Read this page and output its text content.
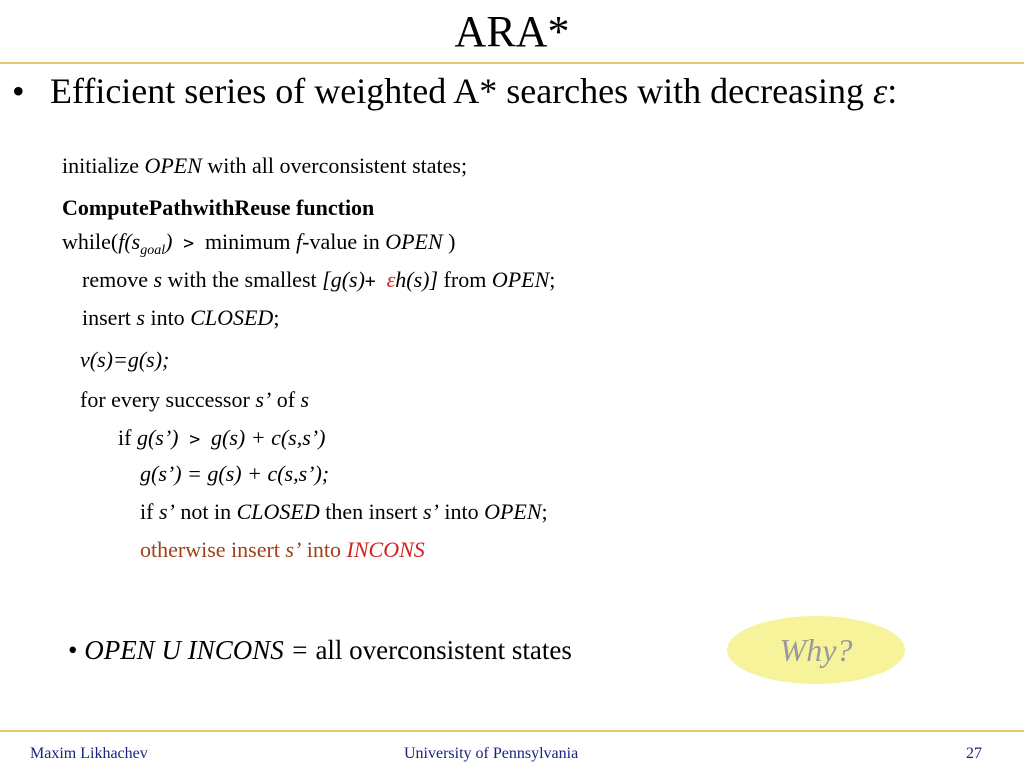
ARA*
• Efficient series of weighted A* searches with decreasing ε:
initialize OPEN with all overconsistent states;
ComputePathwithReuse function
$while(f(s_{goal})$ > minimum f-value in OPEN )
remove s with the smallest [g(s)+ εh(s)] from OPEN;
insert s into CLOSED;
v(s)=g(s);
for every successor s’ of s
if g(s’) > g(s) + c(s,s’)
g(s’) = g(s) + c(s,s’);
if s’ not in CLOSED then insert s’ into OPEN;
otherwise insert s’ into INCONS
• OPEN U INCONS = all overconsistent states	Why?
Maxim Likhachev	University of Pennsylvania	27
